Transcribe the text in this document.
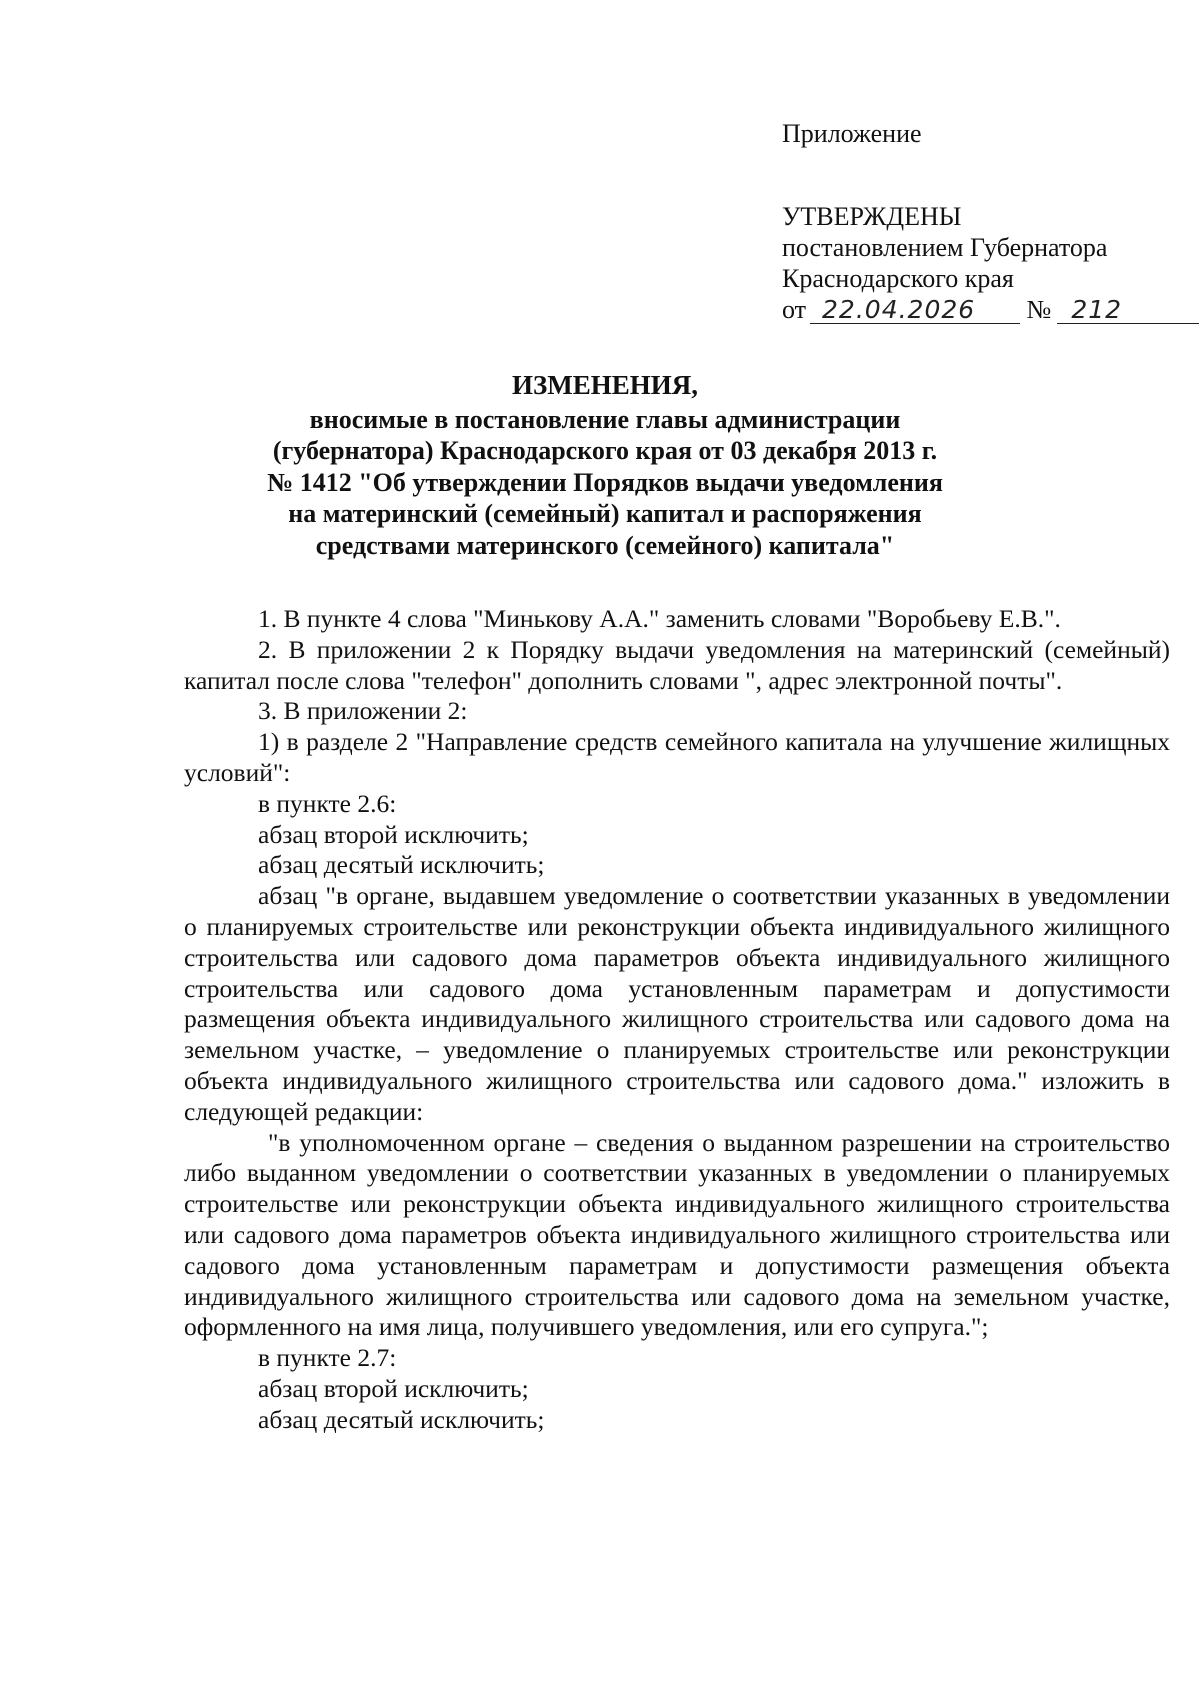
Приложение
УТВЕРЖДЕНЫ
постановлением Губернатора
Краснодарского края
от 22.04.2026 № 212
ИЗМЕНЕНИЯ,
вносимые в постановление главы администрации
(губернатора) Краснодарского края от 03 декабря 2013 г.
№ 1412 "Об утверждении Порядков выдачи уведомления
на материнский (семейный) капитал и распоряжения
средствами материнского (семейного) капитала"

1. В пункте 4 слова "Минькову А.А." заменить словами "Воробьеву Е.В.".

2. В приложении 2 к Порядку выдачи уведомления на материнский (семейный) капитал после слова "телефон" дополнить словами ", адрес электронной почты".

3. В приложении 2:

1) в разделе 2 "Направление средств семейного капитала на улучшение жилищных условий":

в пункте 2.6:

абзац второй исключить;

абзац десятый исключить;

абзац "в органе, выдавшем уведомление о соответствии указанных в уведомлении о планируемых строительстве или реконструкции объекта индивидуального жилищного строительства или садового дома параметров объекта индивидуального жилищного строительства или садового дома установленным параметрам и допустимости размещения объекта индивидуального жилищного строительства или садового дома на земельном участке, – уведомление о планируемых строительстве или реконструкции объекта индивидуального жилищного строительства или садового дома." изложить в следующей редакции:

"в уполномоченном органе – сведения о выданном разрешении на строительство либо выданном уведомлении о соответствии указанных в уведомлении о планируемых строительстве или реконструкции объекта индивидуального жилищного строительства или садового дома параметров объекта индивидуального жилищного строительства или садового дома установленным параметрам и допустимости размещения объекта индивидуального жилищного строительства или садового дома на земельном участке, оформленного на имя лица, получившего уведомления, или его супруга.";

в пункте 2.7:

абзац второй исключить;

абзац десятый исключить;
